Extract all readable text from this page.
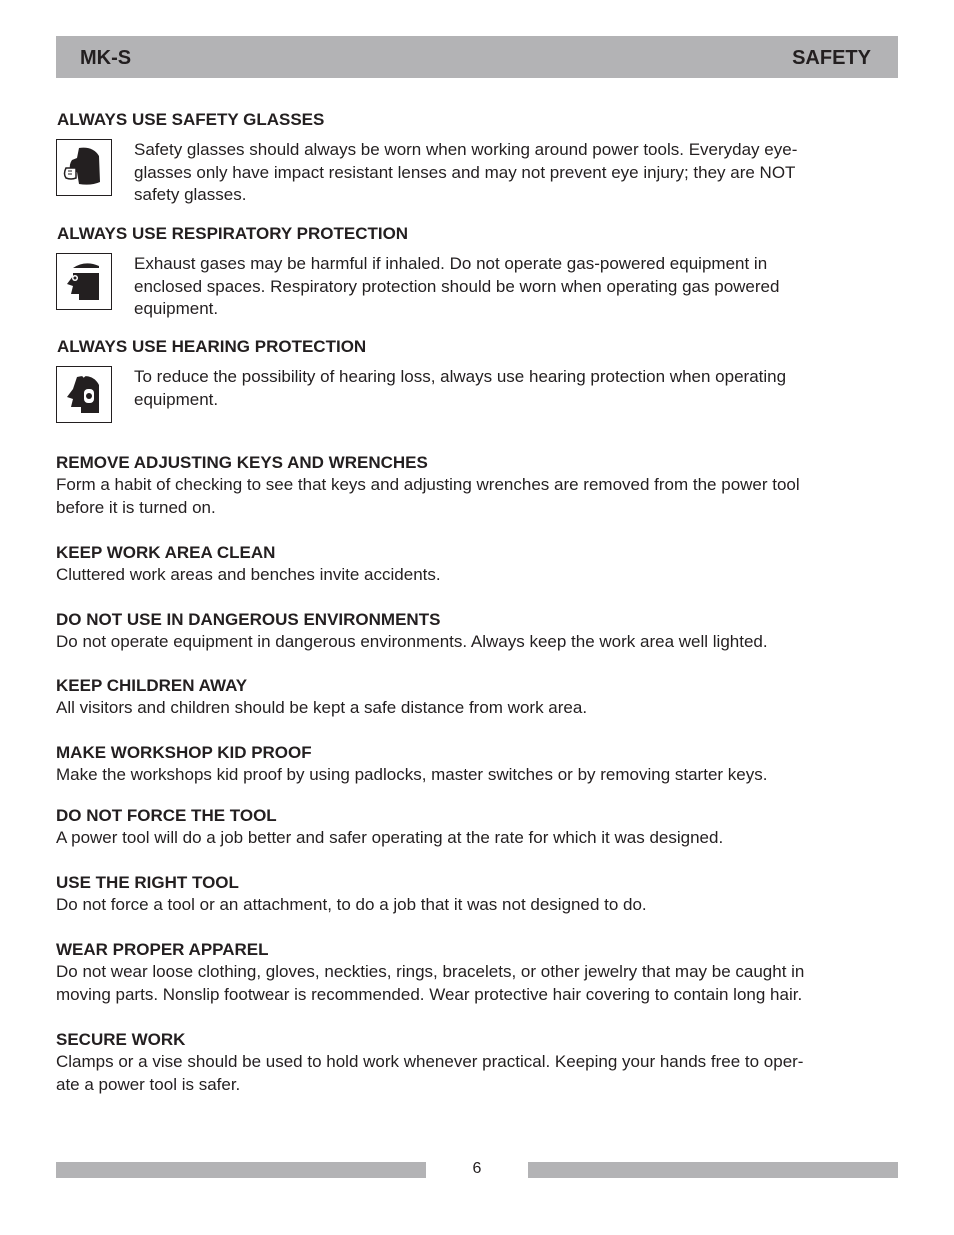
MK-S	SAFETY
ALWAYS USE SAFETY GLASSES
Safety glasses should always be worn when working around power tools. Everyday eye-
glasses only have impact resistant lenses and may not prevent eye injury; they are NOT
safety glasses.
ALWAYS USE RESPIRATORY PROTECTION
Exhaust gases may be harmful if inhaled. Do not operate gas-powered equipment in
enclosed spaces. Respiratory protection should be worn when operating gas powered
equipment.
ALWAYS USE HEARING PROTECTION
To reduce the possibility of hearing loss, always use hearing protection when operating
equipment.
REMOVE ADJUSTING KEYS AND WRENCHES
Form a habit of checking to see that keys and adjusting wrenches are removed from the power tool
before it is turned on.
KEEP WORK AREA CLEAN
Cluttered work areas and benches invite accidents.
DO NOT USE IN DANGEROUS ENVIRONMENTS
Do not operate equipment in dangerous environments. Always keep the work area well lighted.
KEEP CHILDREN AWAY
All visitors and children should be kept a safe distance from work area.
MAKE WORKSHOP KID PROOF
Make the workshops kid proof by using padlocks, master switches or by removing starter keys.
DO NOT FORCE THE TOOL
A power tool will do a job better and safer operating at the rate for which it was designed.
USE THE RIGHT TOOL
Do not force a tool or an attachment, to do a job that it was not designed to do.
WEAR PROPER APPAREL
Do not wear loose clothing, gloves, neckties, rings, bracelets, or other jewelry that may be caught in
moving parts. Nonslip footwear is recommended. Wear protective hair covering to contain long hair.
SECURE WORK
Clamps or a vise should be used to hold work whenever practical. Keeping your hands free to oper-
ate a power tool is safer.
6
